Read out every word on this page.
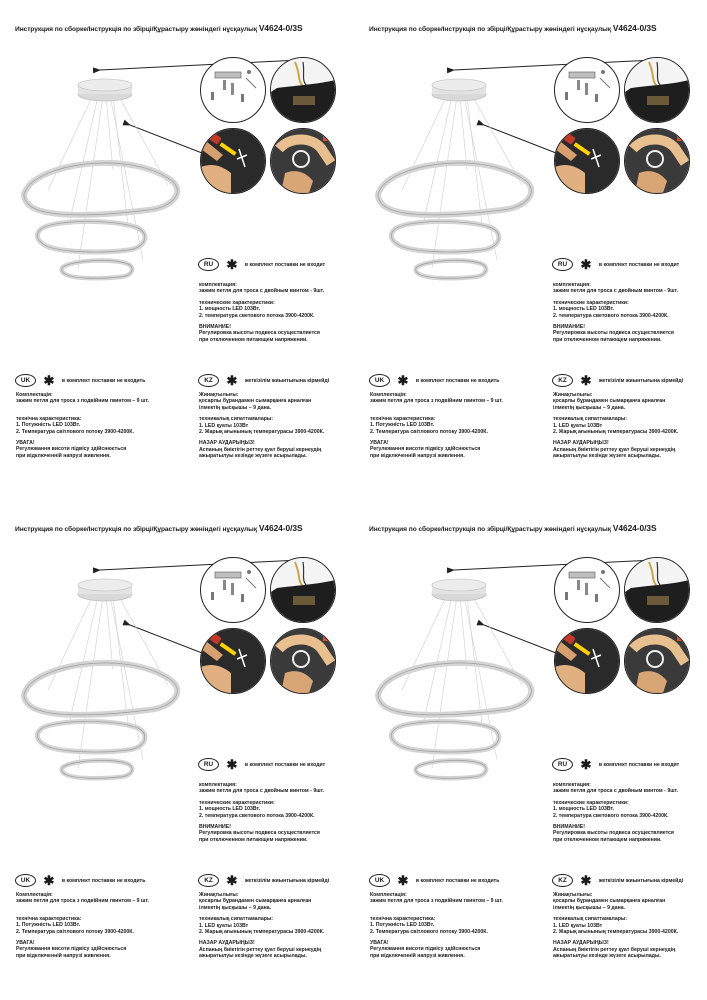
Инструкция по сборке/Інструкція по збірці/Құрастыру жөніндегі нұсқаулық V4624-0/3S
RU ✱ в комплект поставки не входит
комплектация:
зажим петля для троса с двойным винтом - 9шт.
технические характеристики:
1. мощность LED 103Вт.
2. температура светового потока 3900-4200К.
ВНИМАНИЕ!
Регулировка высоты подвеса осуществляется
при отключенном питающем напряжении.
UK ✱ в комплект поставки не входить
Комплектація:
зажим петля для троса з подвійним гвинтом – 9 шт.
технічна характеристика:
1. Потужність LED 103Вт.
2. Температура світлового потоку 3900-4200К.
УВАГА!
Регулювання висоти підвісу здійснюється
при відключенній напрузі живлення.
KZ ✱ жеткізілім жиынтығына кірмейді
Жинақтылығы:
қосарлы бұрандамен сымарқанға арналған
ілмектің қысқышы – 9 дана.
техникалық сипаттамалары:
1. LED қуаты 103Вт
2. Жарық ағынының температурасы 3900-4200К.
НАЗАР АУДАРЫҢЫЗ!
Аспаның биіктігін реттеу қуат беруші кернеудің
ажыратылуы кезінде жүзеге асырылады.
Инструкция по сборке/Інструкція по збірці/Құрастыру жөніндегі нұсқаулық V4624-0/3S
RU ✱ в комплект поставки не входит
комплектация:
зажим петля для троса с двойным винтом - 9шт.
технические характеристики:
1. мощность LED 103Вт.
2. температура светового потока 3900-4200К.
ВНИМАНИЕ!
Регулировка высоты подвеса осуществляется
при отключенном питающем напряжении.
UK ✱ в комплект поставки не входить
Комплектація:
зажим петля для троса з подвійним гвинтом – 9 шт.
технічна характеристика:
1. Потужність LED 103Вт.
2. Температура світлового потоку 3900-4200К.
УВАГА!
Регулювання висоти підвісу здійснюється
при відключенній напрузі живлення.
KZ ✱ жеткізілім жиынтығына кірмейді
Жинақтылығы:
қосарлы бұрандамен сымарқанға арналған
ілмектің қысқышы – 9 дана.
техникалық сипаттамалары:
1. LED қуаты 103Вт
2. Жарық ағынының температурасы 3900-4200К.
НАЗАР АУДАРЫҢЫЗ!
Аспаның биіктігін реттеу қуат беруші кернеудің
ажыратылуы кезінде жүзеге асырылады.
Инструкция по сборке/Інструкція по збірці/Құрастыру жөніндегі нұсқаулық V4624-0/3S
RU ✱ в комплект поставки не входит
комплектация:
зажим петля для троса с двойным винтом - 9шт.
технические характеристики:
1. мощность LED 103Вт.
2. температура светового потока 3900-4200К.
ВНИМАНИЕ!
Регулировка высоты подвеса осуществляется
при отключенном питающем напряжении.
UK ✱ в комплект поставки не входить
Комплектація:
зажим петля для троса з подвійним гвинтом – 9 шт.
технічна характеристика:
1. Потужність LED 103Вт.
2. Температура світлового потоку 3900-4200К.
УВАГА!
Регулювання висоти підвісу здійснюється
при відключенній напрузі живлення.
KZ ✱ жеткізілім жиынтығына кірмейді
Жинақтылығы:
қосарлы бұрандамен сымарқанға арналған
ілмектің қысқышы – 9 дана.
техникалық сипаттамалары:
1. LED қуаты 103Вт
2. Жарық ағынының температурасы 3900-4200К.
НАЗАР АУДАРЫҢЫЗ!
Аспаның биіктігін реттеу қуат беруші кернеудің
ажыратылуы кезінде жүзеге асырылады.
Инструкция по сборке/Інструкція по збірці/Құрастыру жөніндегі нұсқаулық V4624-0/3S
RU ✱ в комплект поставки не входит
комплектация:
зажим петля для троса с двойным винтом - 9шт.
технические характеристики:
1. мощность LED 103Вт.
2. температура светового потока 3900-4200К.
ВНИМАНИЕ!
Регулировка высоты подвеса осуществляется
при отключенном питающем напряжении.
UK ✱ в комплект поставки не входить
Комплектація:
зажим петля для троса з подвійним гвинтом – 9 шт.
технічна характеристика:
1. Потужність LED 103Вт.
2. Температура світлового потоку 3900-4200К.
УВАГА!
Регулювання висоти підвісу здійснюється
при відключенній напрузі живлення.
KZ ✱ жеткізілім жиынтығына кірмейді
Жинақтылығы:
қосарлы бұрандамен сымарқанға арналған
ілмектің қысқышы – 9 дана.
техникалық сипаттамалары:
1. LED қуаты 103Вт
2. Жарық ағынының температурасы 3900-4200К.
НАЗАР АУДАРЫҢЫЗ!
Аспаның биіктігін реттеу қуат беруші кернеудің
ажыратылуы кезінде жүзеге асырылады.
